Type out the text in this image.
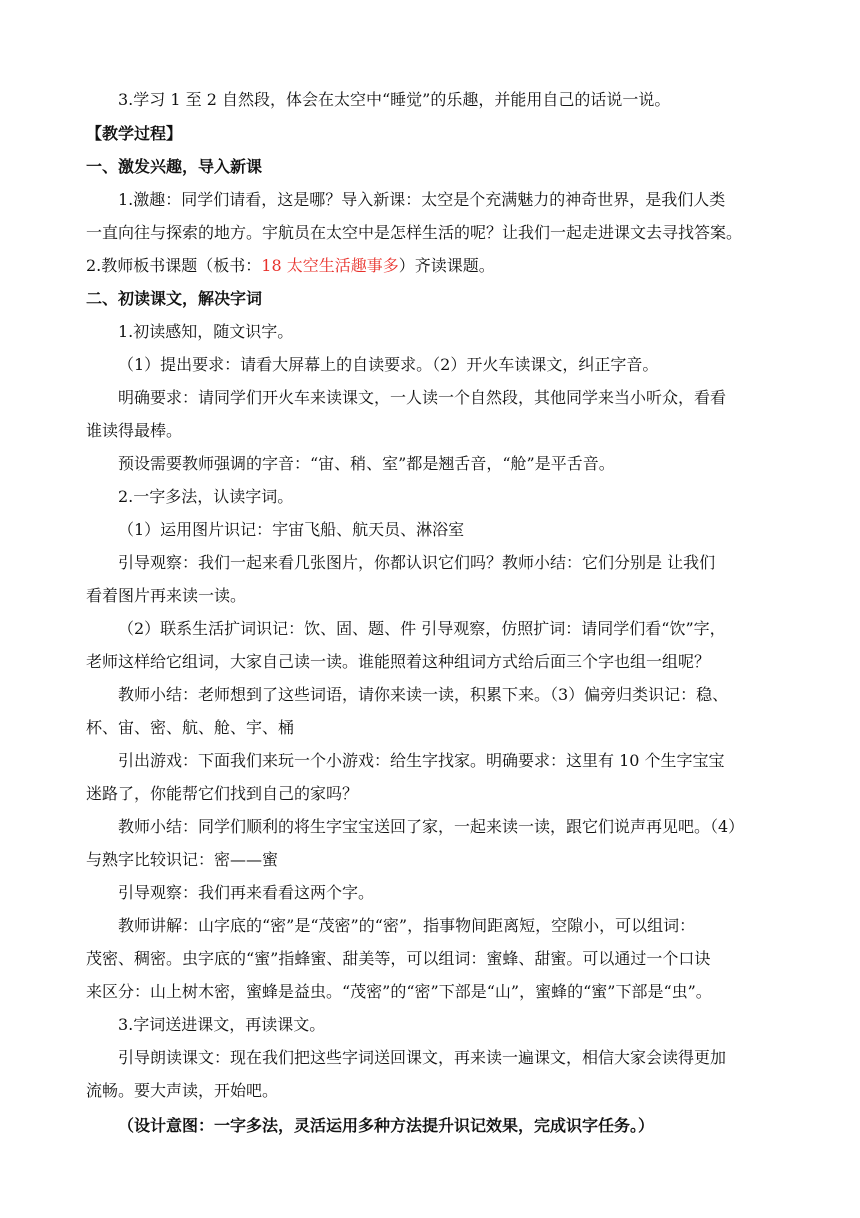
3.学习 1 至 2 自然段，体会在太空中“睡觉”的乐趣，并能用自己的话说一说。
【教学过程】
一、激发兴趣，导入新课
1.激趣：同学们请看，这是哪？导入新课：太空是个充满魅力的神奇世界，是我们人类
一直向往与探索的地方。宇航员在太空中是怎样生活的呢？让我们一起走进课文去寻找答案。
2.教师板书课题（板书：18 太空生活趣事多）齐读课题。
二、初读课文，解决字词
1.初读感知，随文识字。
（1）提出要求：请看大屏幕上的自读要求。（2）开火车读课文，纠正字音。
明确要求：请同学们开火车来读课文，一人读一个自然段，其他同学来当小听众，看看
谁读得最棒。
预设需要教师强调的字音：“宙、稍、室”都是翘舌音，“舱”是平舌音。
2.一字多法，认读字词。
（1）运用图片识记：宇宙飞船、航天员、淋浴室
引导观察：我们一起来看几张图片，你都认识它们吗？教师小结：它们分别是 让我们
看着图片再来读一读。
（2）联系生活扩词识记：饮、固、题、件 引导观察，仿照扩词：请同学们看“饮”字，
老师这样给它组词，大家自己读一读。谁能照着这种组词方式给后面三个字也组一组呢？
教师小结：老师想到了这些词语，请你来读一读，积累下来。（3）偏旁归类识记：稳、
杯、宙、密、航、舱、宇、桶
引出游戏：下面我们来玩一个小游戏：给生字找家。明确要求：这里有 10 个生字宝宝
迷路了，你能帮它们找到自己的家吗？
教师小结：同学们顺利的将生字宝宝送回了家，一起来读一读，跟它们说声再见吧。（4）
与熟字比较识记：密——蜜
引导观察：我们再来看看这两个字。
教师讲解：山字底的“密”是“茂密”的“密”，指事物间距离短，空隙小，可以组词：
茂密、稠密。虫字底的“蜜”指蜂蜜、甜美等，可以组词：蜜蜂、甜蜜。可以通过一个口诀
来区分：山上树木密，蜜蜂是益虫。“茂密”的“密”下部是“山”，蜜蜂的“蜜”下部是“虫”。
3.字词送进课文，再读课文。
引导朗读课文：现在我们把这些字词送回课文，再来读一遍课文，相信大家会读得更加
流畅。要大声读，开始吧。
（设计意图：一字多法，灵活运用多种方法提升识记效果，完成识字任务。）
